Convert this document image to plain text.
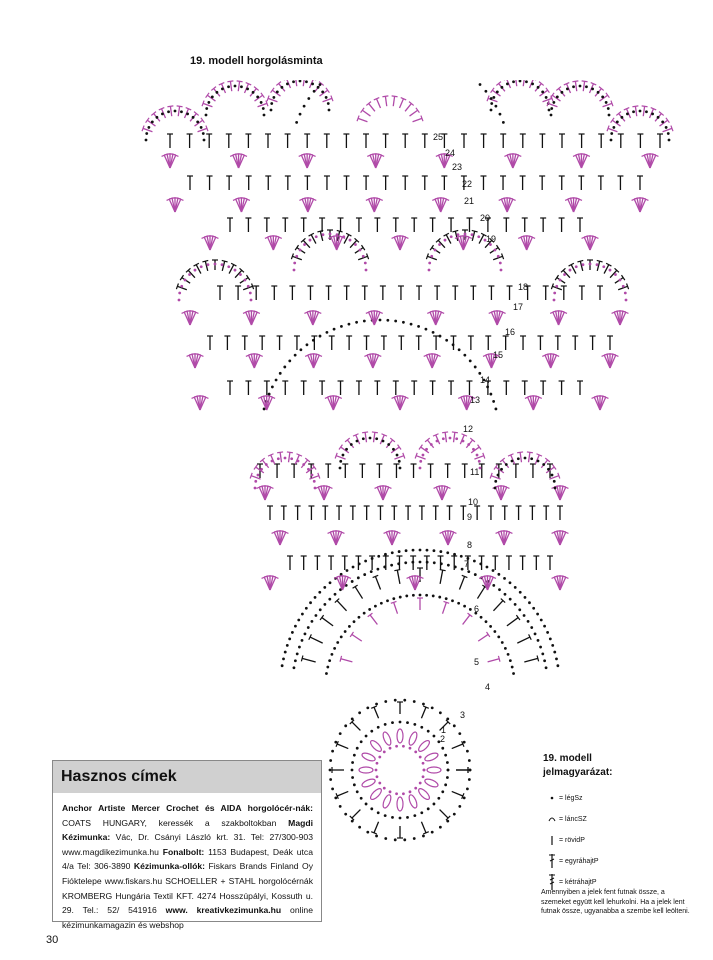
19. modell horgolásminta
1
2
3
4
5
6
7
8
9
10
11
12
13
14
15
16
17
18
19
20
21
22
23
24
25
Hasznos címek
Anchor Artiste Mercer Crochet és AIDA horgolócér-nák: COATS HUNGARY, keressék a szakboltokban Magdi Kézimunka: Vác, Dr. Csányi László krt. 31. Tel: 27/300-903 www.magdikezimunka.hu Fonalbolt: 1153 Budapest, Deák utca 4/a Tel: 306-3890 Kézimunka-ollók: Fiskars Brands Finland Oy Fióktelepe www.fiskars.hu SCHOELLER + STAHL horgolócérnák KROMBERG Hungária Textil KFT. 4274 Hosszúpályi, Kossuth u. 29. Tel.: 52/ 541916 www. kreativkezimunka.hu online kézimunkamagazin és webshop
19. modell
jelmagyarázat:
= légSz
= láncSZ
= rövidP
= egyráhajtP
= kétráhajtP
Amennyiben a jelek fent futnak össze, a szemeket együtt kell lehurkolni. Ha a jelek lent futnak össze, ugyanabba a szembe kell leölteni.
30
